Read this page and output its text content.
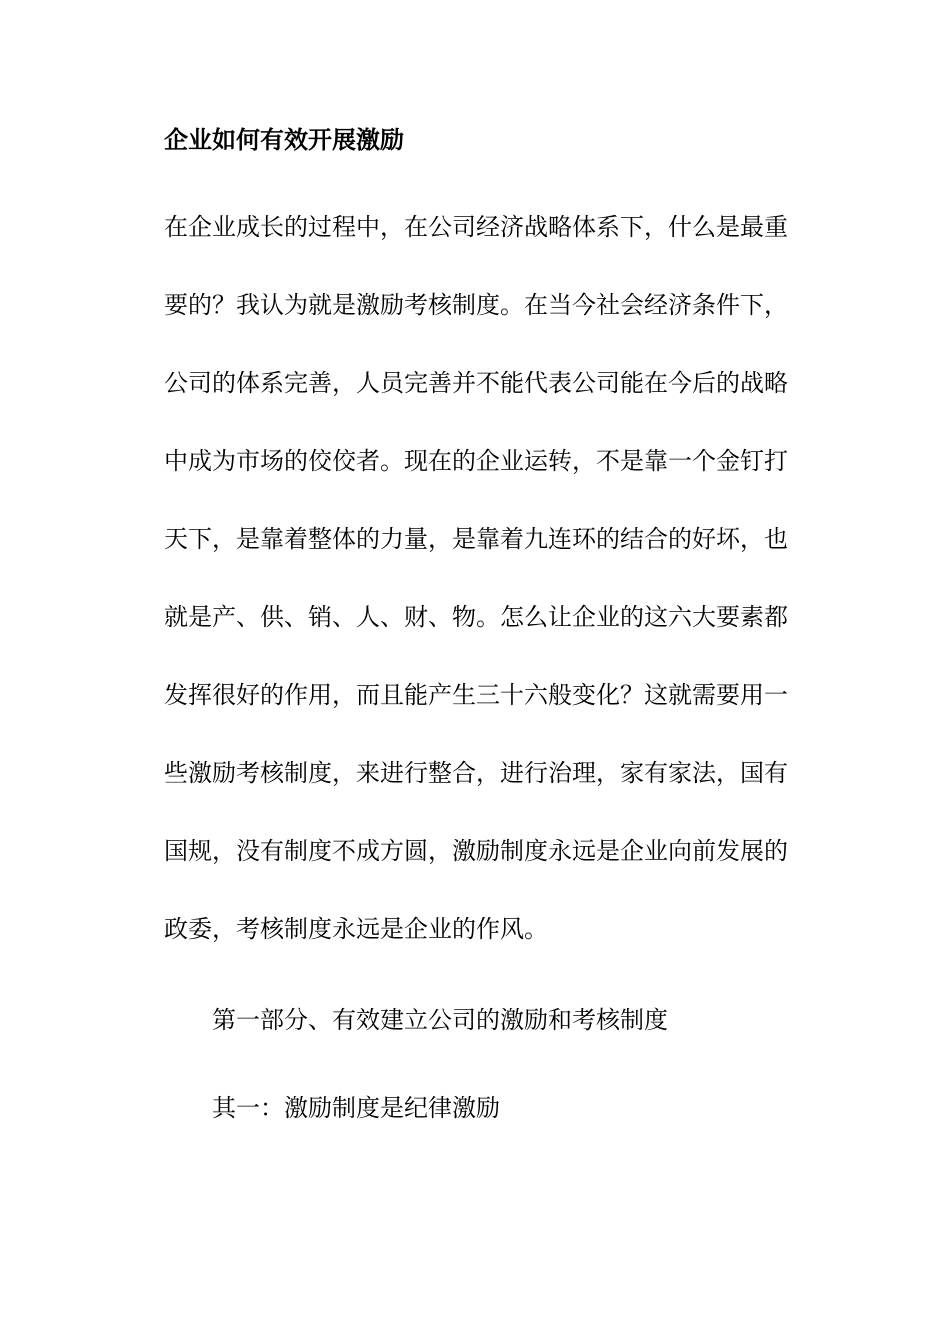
企业如何有效开展激励
在企业成长的过程中，在公司经济战略体系下，什么是最重
要的？我认为就是激励考核制度。在当今社会经济条件下，
公司的体系完善，人员完善并不能代表公司能在今后的战略
中成为市场的佼佼者。现在的企业运转，不是靠一个金钉打
天下，是靠着整体的力量，是靠着九连环的结合的好坏，也
就是产、供、销、人、财、物。怎么让企业的这六大要素都
发挥很好的作用，而且能产生三十六般变化？这就需要用一
些激励考核制度，来进行整合，进行治理，家有家法，国有
国规，没有制度不成方圆，激励制度永远是企业向前发展的
政委，考核制度永远是企业的作风。
第一部分、有效建立公司的激励和考核制度
其一：激励制度是纪律激励
